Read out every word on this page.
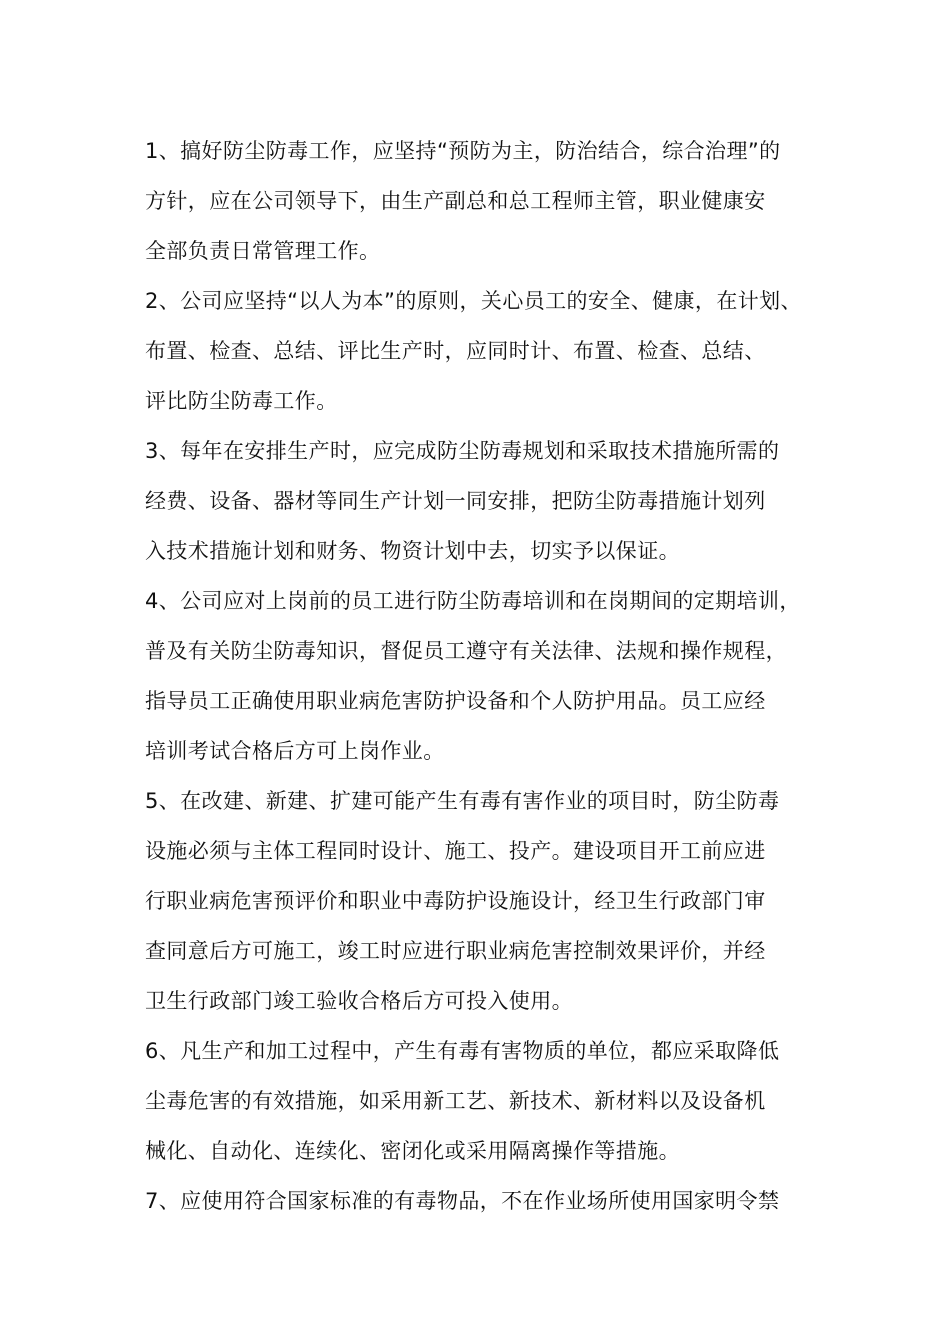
1、搞好防尘防毒工作，应坚持“预防为主，防治结合，综合治理”的
方针，应在公司领导下，由生产副总和总工程师主管，职业健康安
全部负责日常管理工作。
2、公司应坚持“以人为本”的原则，关心员工的安全、健康，在计划、
布置、检查、总结、评比生产时，应同时计、布置、检查、总结、
评比防尘防毒工作。
3、每年在安排生产时，应完成防尘防毒规划和采取技术措施所需的
经费、设备、器材等同生产计划一同安排，把防尘防毒措施计划列
入技术措施计划和财务、物资计划中去，切实予以保证。
4、公司应对上岗前的员工进行防尘防毒培训和在岗期间的定期培训，
普及有关防尘防毒知识，督促员工遵守有关法律、法规和操作规程，
指导员工正确使用职业病危害防护设备和个人防护用品。员工应经
培训考试合格后方可上岗作业。
5、在改建、新建、扩建可能产生有毒有害作业的项目时，防尘防毒
设施必须与主体工程同时设计、施工、投产。建设项目开工前应进
行职业病危害预评价和职业中毒防护设施设计，经卫生行政部门审
查同意后方可施工，竣工时应进行职业病危害控制效果评价，并经
卫生行政部门竣工验收合格后方可投入使用。
6、凡生产和加工过程中，产生有毒有害物质的单位，都应采取降低
尘毒危害的有效措施，如采用新工艺、新技术、新材料以及设备机
械化、自动化、连续化、密闭化或采用隔离操作等措施。
7、应使用符合国家标准的有毒物品，不在作业场所使用国家明令禁
